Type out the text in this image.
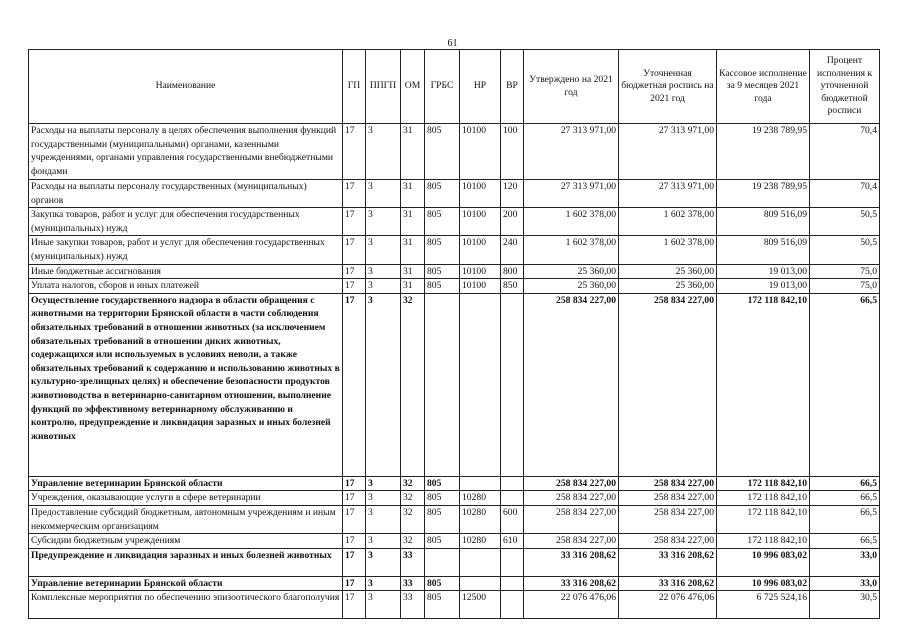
61
Наименование	ГП	ППГП	ОМ	ГРБС	НР	ВР	Утверждено на 2021 год	Уточненная бюджетная роспись на 2021 год	Кассовое исполнение за 9 месяцев 2021 года	Процент исполнения к уточненной бюджетной росписи
Расходы на выплаты персоналу в целях обеспечения выполнения функций государственными (муниципальными) органами, казенными учреждениями, органами управления государственными внебюджетными фондами	17	3	31	805	10100	100	27 313 971,00	27 313 971,00	19 238 789,95	70,4
Расходы на выплаты персоналу государственных (муниципальных) органов	17	3	31	805	10100	120	27 313 971,00	27 313 971,00	19 238 789,95	70,4
Закупка товаров, работ и услуг для обеспечения государственных (муниципальных) нужд	17	3	31	805	10100	200	1 602 378,00	1 602 378,00	809 516,09	50,5
Иные закупки товаров, работ и услуг для обеспечения государственных (муниципальных) нужд	17	3	31	805	10100	240	1 602 378,00	1 602 378,00	809 516,09	50,5
Иные бюджетные ассигнования	17	3	31	805	10100	800	25 360,00	25 360,00	19 013,00	75,0
Уплата налогов, сборов и иных платежей	17	3	31	805	10100	850	25 360,00	25 360,00	19 013,00	75,0
Осуществление государственного надзора в области обращения с животными на территории Брянской области в части соблюдения обязательных требований в отношении животных (за исключением обязательных требований в отношении диких животных, содержащихся или используемых в условиях неволи, а также обязательных требований к содержанию и использованию животных в культурно-зрелищных целях) и обеспечение безопасности продуктов животноводства в ветеринарно-санитарном отношении, выполнение функций по эффективному ветеринарному обслуживанию и контролю, предупреждение и ликвидация заразных и иных болезней животных	17	3	32				258 834 227,00	258 834 227,00	172 118 842,10	66,5
Управление ветеринарии Брянской области	17	3	32	805			258 834 227,00	258 834 227,00	172 118 842,10	66,5
Учреждения, оказывающие услуги в сфере ветеринарии	17	3	32	805	10280		258 834 227,00	258 834 227,00	172 118 842,10	66,5
Предоставление субсидий бюджетным, автономным учреждениям и иным некоммерческим организациям	17	3	32	805	10280	600	258 834 227,00	258 834 227,00	172 118 842,10	66,5
Субсидии бюджетным учреждениям	17	3	32	805	10280	610	258 834 227,00	258 834 227,00	172 118 842,10	66,5
Предупреждение и ликвидация заразных и иных болезней животных	17	3	33				33 316 208,62	33 316 208,62	10 996 083,02	33,0
Управление ветеринарии Брянской области	17	3	33	805			33 316 208,62	33 316 208,62	10 996 083,02	33,0
Комплексные мероприятия по обеспечению эпизоотического благополучия	17	3	33	805	12500		22 076 476,06	22 076 476,06	6 725 524,16	30,5
